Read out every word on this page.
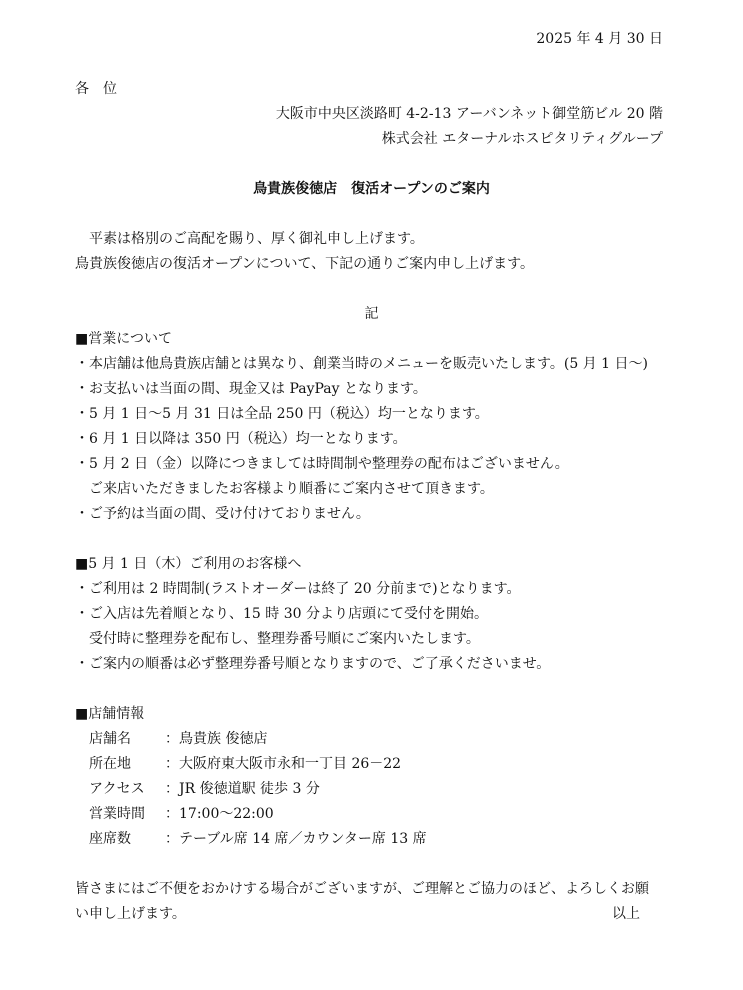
2025 年 4 月 30 日
各　位
大阪市中央区淡路町 4-2-13 アーバンネット御堂筋ビル 20 階
株式会社 エターナルホスピタリティグループ
鳥貴族俊徳店　復活オープンのご案内
　平素は格別のご高配を賜り、厚く御礼申し上げます。
鳥貴族俊徳店の復活オープンについて、下記の通りご案内申し上げます。
記
■営業について
・本店舗は他鳥貴族店舗とは異なり、創業当時のメニューを販売いたします。(5 月 1 日〜)
・お支払いは当面の間、現金又は PayPay となります。
・5 月 1 日〜5 月 31 日は全品 250 円（税込）均一となります。
・6 月 1 日以降は 350 円（税込）均一となります。
・5 月 2 日（金）以降につきましては時間制や整理券の配布はございません。
　ご来店いただきましたお客様より順番にご案内させて頂きます。
・ご予約は当面の間、受け付けておりません。
■5 月 1 日（木）ご利用のお客様へ
・ご利用は 2 時間制(ラストオーダーは終了 20 分前まで)となります。
・ご入店は先着順となり、15 時 30 分より店頭にて受付を開始。
　受付時に整理券を配布し、整理券番号順にご案内いたします。
・ご案内の順番は必ず整理券番号順となりますので、ご了承くださいませ。
■店舗情報
店舗名 ：鳥貴族 俊徳店
所在地 ：大阪府東大阪市永和一丁目 26－22
アクセス ：JR 俊徳道駅 徒歩 3 分
営業時間 ：17:00〜22:00
座席数 ：テーブル席 14 席／カウンター席 13 席
皆さまにはご不便をおかけする場合がございますが、ご理解とご協力のほど、よろしくお願
い申し上げます。	以上
